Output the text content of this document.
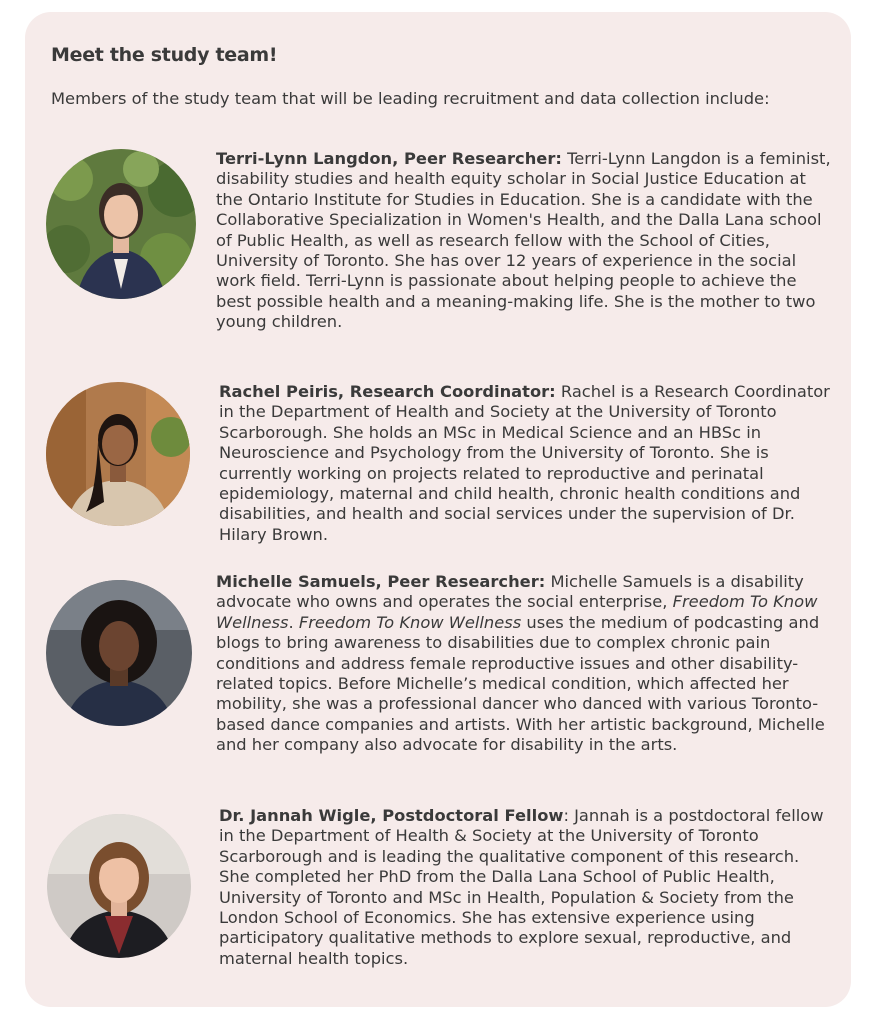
Meet the study team!
Members of the study team that will be leading recruitment and data collection include:
Terri-Lynn Langdon, Peer Researcher: Terri-Lynn Langdon is a feminist, disability studies and health equity scholar in Social Justice Education at the Ontario Institute for Studies in Education. She is a candidate with the Collaborative Specialization in Women's Health, and the Dalla Lana school of Public Health, as well as research fellow with the School of Cities, University of Toronto. She has over 12 years of experience in the social work field. Terri-Lynn is passionate about helping people to achieve the best possible health and a meaning-making life. She is the mother to two young children.
Rachel Peiris, Research Coordinator: Rachel is a Research Coordinator in the Department of Health and Society at the University of Toronto Scarborough. She holds an MSc in Medical Science and an HBSc in Neuroscience and Psychology from the University of Toronto. She is currently working on projects related to reproductive and perinatal epidemiology, maternal and child health, chronic health conditions and disabilities, and health and social services under the supervision of Dr. Hilary Brown.
Michelle Samuels, Peer Researcher: Michelle Samuels is a disability advocate who owns and operates the social enterprise, Freedom To Know Wellness. Freedom To Know Wellness uses the medium of podcasting and blogs to bring awareness to disabilities due to complex chronic pain conditions and address female reproductive issues and other disability-related topics. Before Michelle’s medical condition, which affected her mobility, she was a professional dancer who danced with various Toronto-based dance companies and artists. With her artistic background, Michelle and her company also advocate for disability in the arts.
Dr. Jannah Wigle, Postdoctoral Fellow: Jannah is a postdoctoral fellow in the Department of Health & Society at the University of Toronto Scarborough and is leading the qualitative component of this research. She completed her PhD from the Dalla Lana School of Public Health, University of Toronto and MSc in Health, Population & Society from the London School of Economics. She has extensive experience using participatory qualitative methods to explore sexual, reproductive, and maternal health topics.
